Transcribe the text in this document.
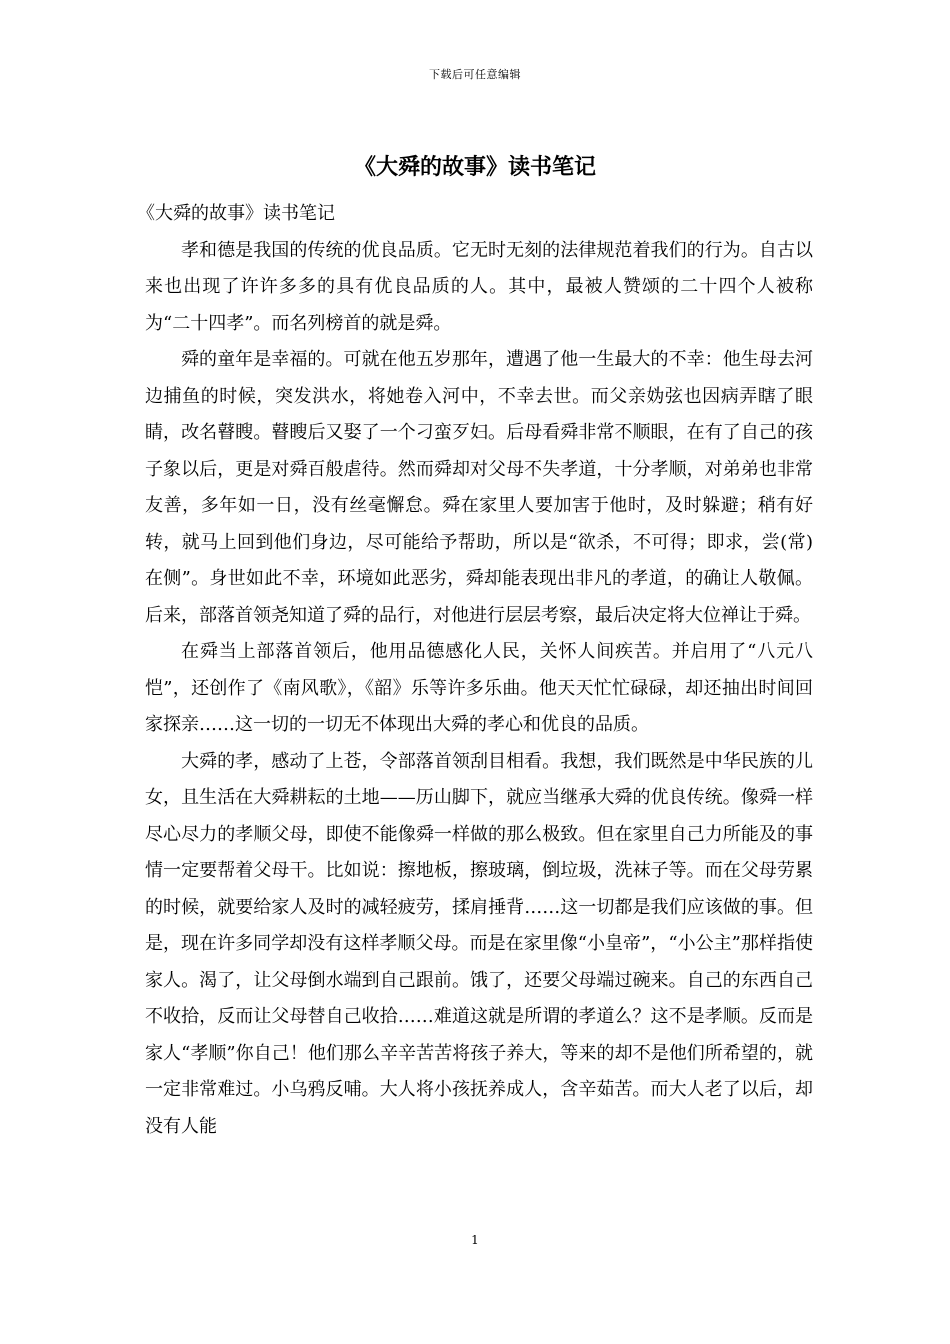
下载后可任意编辑
《大舜的故事》读书笔记

《大舜的故事》读书笔记

孝和德是我国的传统的优良品质。它无时无刻的法律规范着我们的行为。自古以来也出现了许许多多的具有优良品质的人。其中，最被人赞颂的二十四个人被称为“二十四孝”。而名列榜首的就是舜。

舜的童年是幸福的。可就在他五岁那年，遭遇了他一生最大的不幸：他生母去河边捕鱼的时候，突发洪水，将她卷入河中，不幸去世。而父亲妫弦也因病弄瞎了眼睛，改名瞽瞍。瞽瞍后又娶了一个刁蛮歹妇。后母看舜非常不顺眼，在有了自己的孩子象以后，更是对舜百般虐待。然而舜却对父母不失孝道，十分孝顺，对弟弟也非常友善，多年如一日，没有丝毫懈怠。舜在家里人要加害于他时，及时躲避；稍有好转，就马上回到他们身边，尽可能给予帮助，所以是“欲杀，不可得；即求，尝(常)在侧”。身世如此不幸，环境如此恶劣，舜却能表现出非凡的孝道，的确让人敬佩。后来，部落首领尧知道了舜的品行，对他进行层层考察，最后决定将大位禅让于舜。

在舜当上部落首领后，他用品德感化人民，关怀人间疾苦。并启用了“八元八恺”，还创作了《南风歌》，《韶》乐等许多乐曲。他天天忙忙碌碌，却还抽出时间回家探亲……这一切的一切无不体现出大舜的孝心和优良的品质。

大舜的孝，感动了上苍，令部落首领刮目相看。我想，我们既然是中华民族的儿女，且生活在大舜耕耘的土地——历山脚下，就应当继承大舜的优良传统。像舜一样尽心尽力的孝顺父母，即使不能像舜一样做的那么极致。但在家里自己力所能及的事情一定要帮着父母干。比如说：擦地板，擦玻璃，倒垃圾，洗袜子等。而在父母劳累的时候，就要给家人及时的减轻疲劳，揉肩捶背……这一切都是我们应该做的事。但是，现在许多同学却没有这样孝顺父母。而是在家里像“小皇帝”，“小公主”那样指使家人。渴了，让父母倒水端到自己跟前。饿了，还要父母端过碗来。自己的东西自己不收拾，反而让父母替自己收拾……难道这就是所谓的孝道么？这不是孝顺。反而是家人“孝顺”你自己！他们那么辛辛苦苦将孩子养大，等来的却不是他们所希望的，就一定非常难过。小乌鸦反哺。大人将小孩抚养成人，含辛茹苦。而大人老了以后，却没有人能

1
